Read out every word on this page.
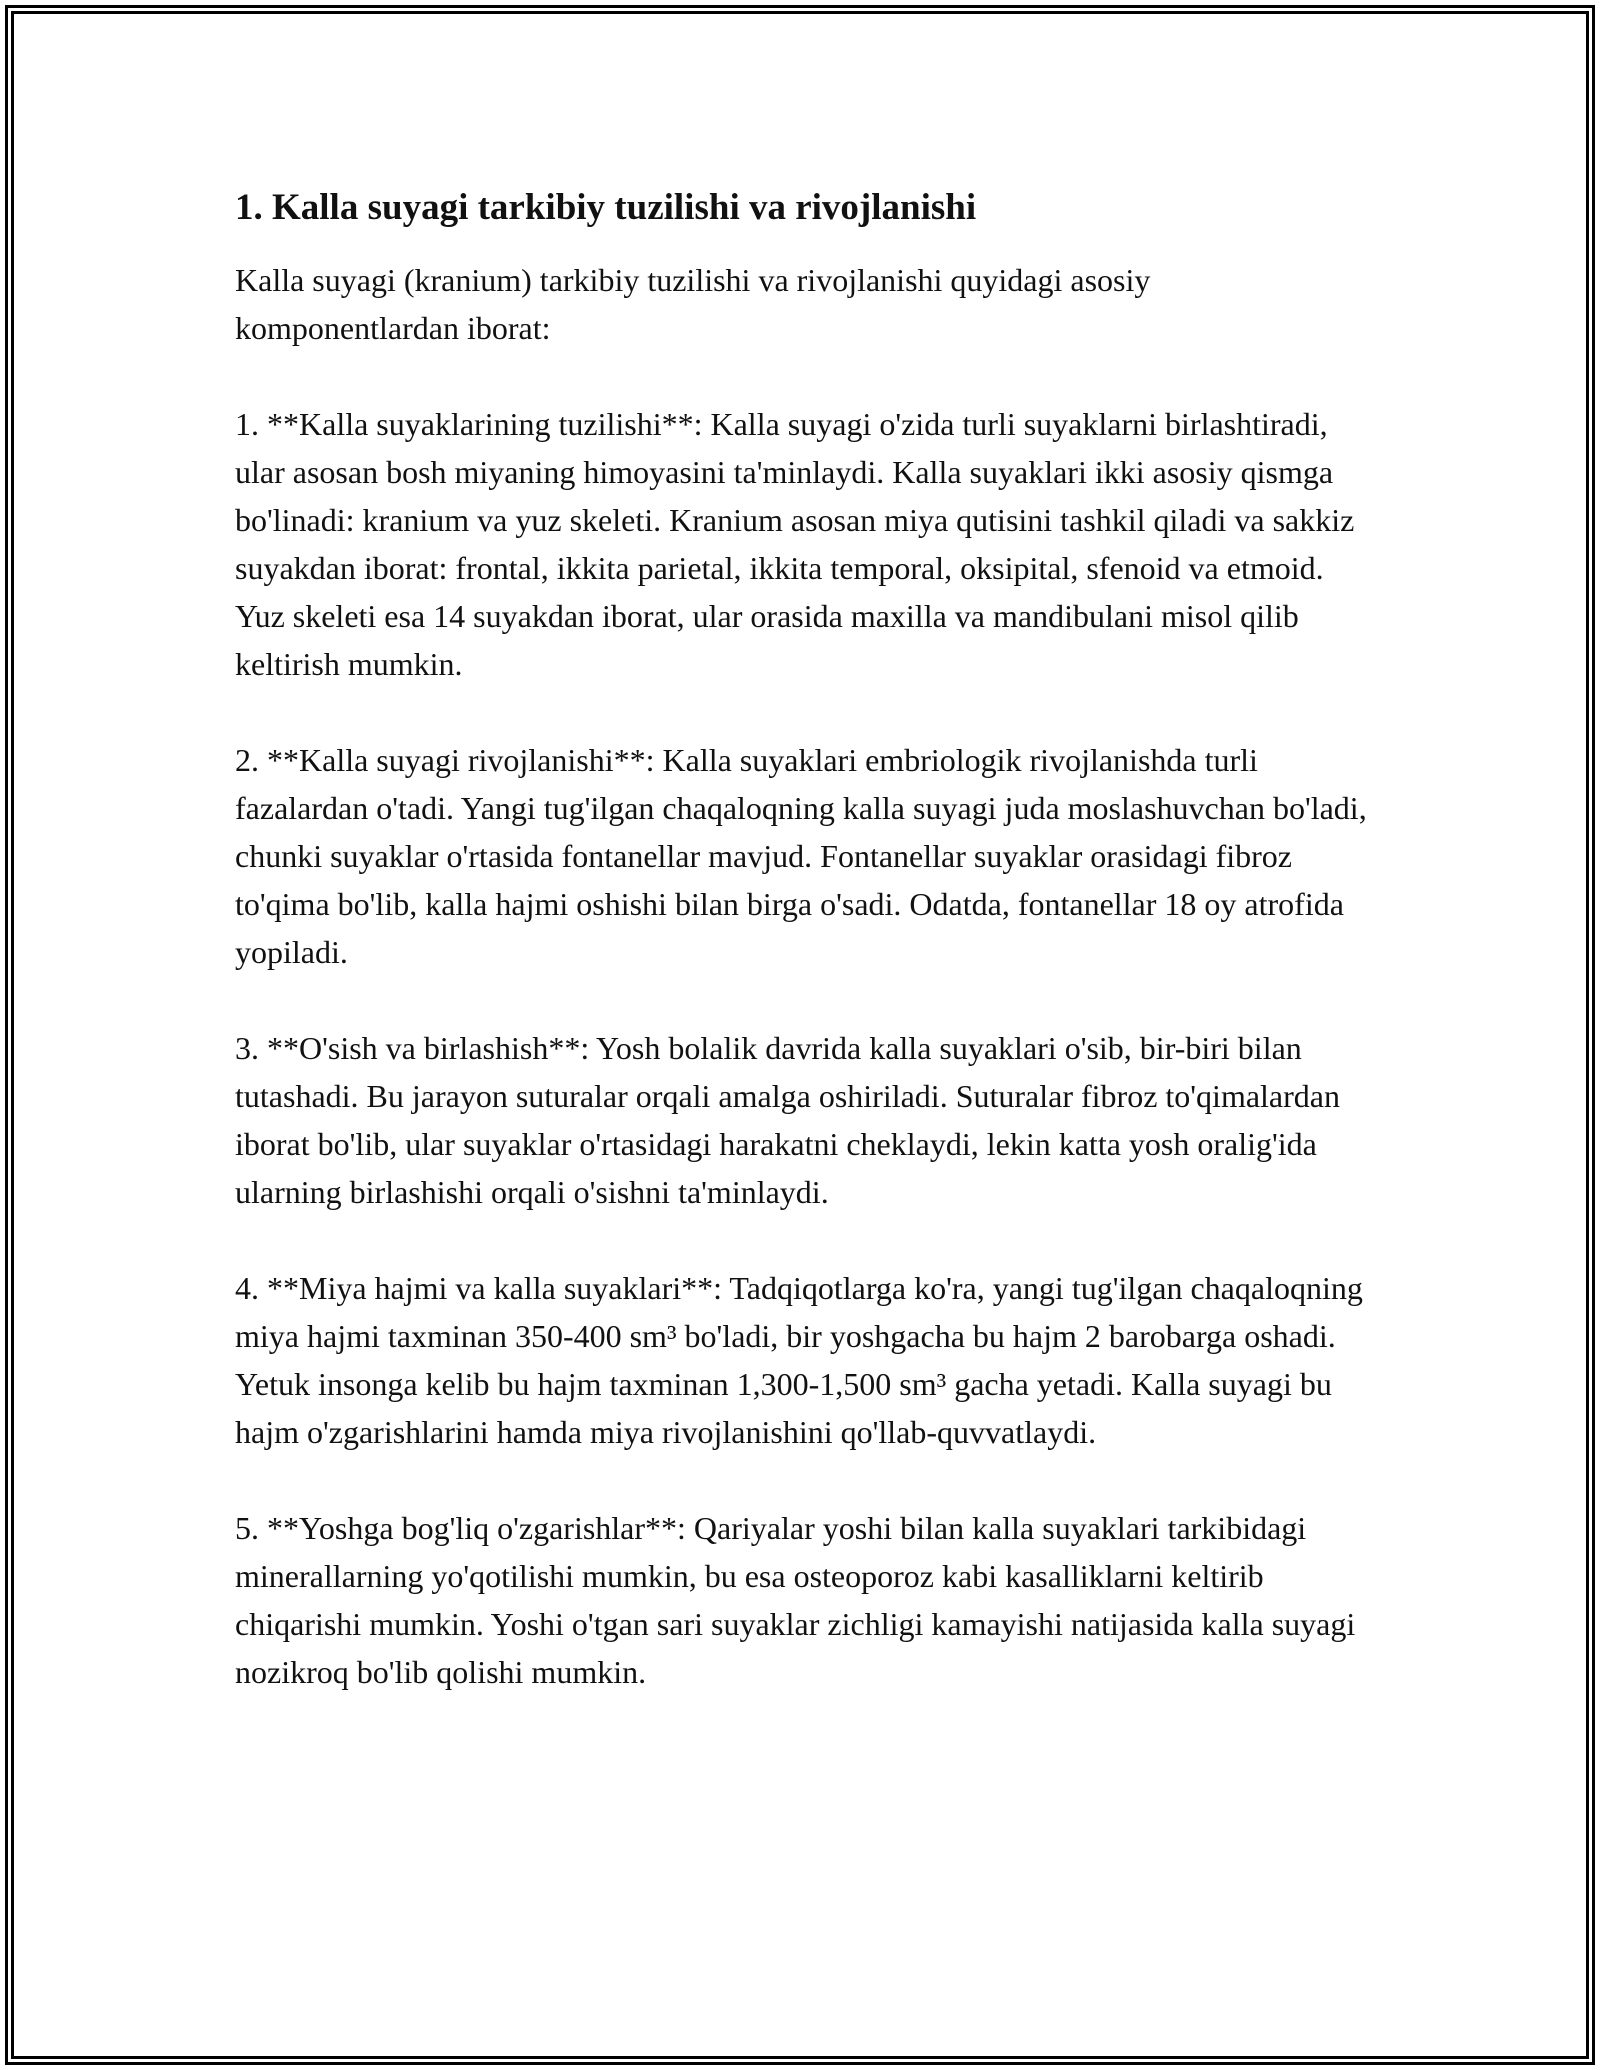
1. Kalla suyagi tarkibiy tuzilishi va rivojlanishi

Kalla suyagi (kranium) tarkibiy tuzilishi va rivojlanishi quyidagi asosiy komponentlardan iborat:

1. **Kalla suyaklarining tuzilishi**: Kalla suyagi o'zida turli suyaklarni birlashtiradi, ular asosan bosh miyaning himoyasini ta'minlaydi. Kalla suyaklari ikki asosiy qismga bo'linadi: kranium va yuz skeleti. Kranium asosan miya qutisini tashkil qiladi va sakkiz suyakdan iborat: frontal, ikkita parietal, ikkita temporal, oksipital, sfenoid va etmoid. Yuz skeleti esa 14 suyakdan iborat, ular orasida maxilla va mandibulani misol qilib keltirish mumkin.

2. **Kalla suyagi rivojlanishi**: Kalla suyaklari embriologik rivojlanishda turli fazalardan o'tadi. Yangi tug'ilgan chaqaloqning kalla suyagi juda moslashuvchan bo'ladi, chunki suyaklar o'rtasida fontanellar mavjud. Fontanellar suyaklar orasidagi fibroz to'qima bo'lib, kalla hajmi oshishi bilan birga o'sadi. Odatda, fontanellar 18 oy atrofida yopiladi.

3. **O'sish va birlashish**: Yosh bolalik davrida kalla suyaklari o'sib, bir-biri bilan tutashadi. Bu jarayon suturalar orqali amalga oshiriladi. Suturalar fibroz to'qimalardan iborat bo'lib, ular suyaklar o'rtasidagi harakatni cheklaydi, lekin katta yosh oralig'ida ularning birlashishi orqali o'sishni ta'minlaydi.

4. **Miya hajmi va kalla suyaklari**: Tadqiqotlarga ko'ra, yangi tug'ilgan chaqaloqning miya hajmi taxminan 350-400 sm³ bo'ladi, bir yoshgacha bu hajm 2 barobarga oshadi. Yetuk insonga kelib bu hajm taxminan 1,300-1,500 sm³ gacha yetadi. Kalla suyagi bu hajm o'zgarishlarini hamda miya rivojlanishini qo'llab-quvvatlaydi.

5. **Yoshga bog'liq o'zgarishlar**: Qariyalar yoshi bilan kalla suyaklari tarkibidagi minerallarning yo'qotilishi mumkin, bu esa osteoporoz kabi kasalliklarni keltirib chiqarishi mumkin. Yoshi o'tgan sari suyaklar zichligi kamayishi natijasida kalla suyagi nozikroq bo'lib qolishi mumkin.
